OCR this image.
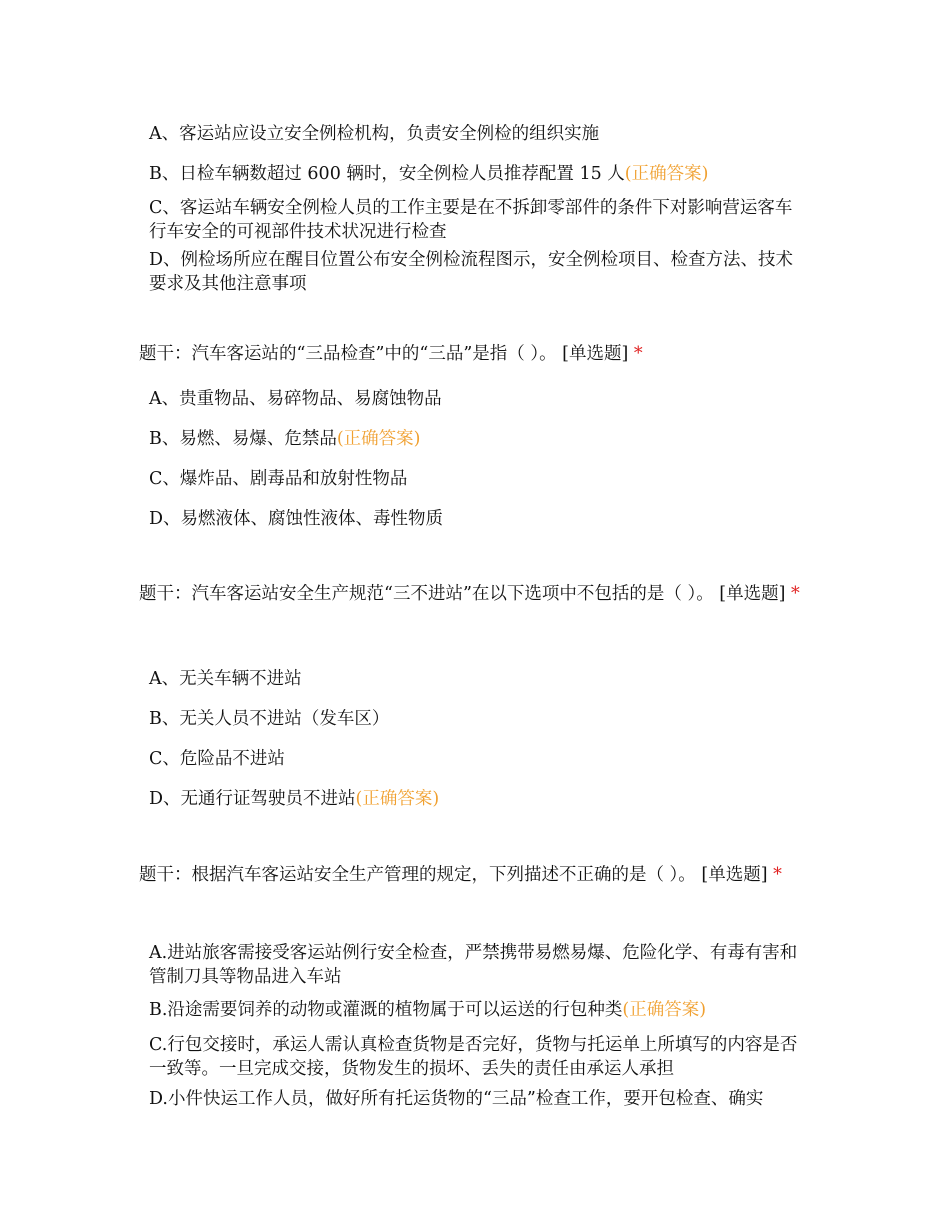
A、客运站应设立安全例检机构，负责安全例检的组织实施
B、日检车辆数超过 600 辆时，安全例检人员推荐配置 15 人(正确答案)
C、客运站车辆安全例检人员的工作主要是在不拆卸零部件的条件下对影响营运客车行车安全的可视部件技术状况进行检查
D、例检场所应在醒目位置公布安全例检流程图示，安全例检项目、检查方法、技术要求及其他注意事项
题干：汽车客运站的“三品检查”中的“三品”是指（ ）。 [单选题] *
A、贵重物品、易碎物品、易腐蚀物品
B、易燃、易爆、危禁品(正确答案)
C、爆炸品、剧毒品和放射性物品
D、易燃液体、腐蚀性液体、毒性物质
题干：汽车客运站安全生产规范“三不进站”在以下选项中不包括的是（ ）。 [单选题] *
A、无关车辆不进站
B、无关人员不进站（发车区）
C、危险品不进站
D、无通行证驾驶员不进站(正确答案)
题干：根据汽车客运站安全生产管理的规定，下列描述不正确的是（ ）。 [单选题] *
A.进站旅客需接受客运站例行安全检查，严禁携带易燃易爆、危险化学、有毒有害和管制刀具等物品进入车站
B.沿途需要饲养的动物或灌溉的植物属于可以运送的行包种类(正确答案)
C.行包交接时，承运人需认真检查货物是否完好，货物与托运单上所填写的内容是否一致等。一旦完成交接，货物发生的损坏、丢失的责任由承运人承担
D.小件快运工作人员，做好所有托运货物的“三品”检查工作，要开包检查、确实
